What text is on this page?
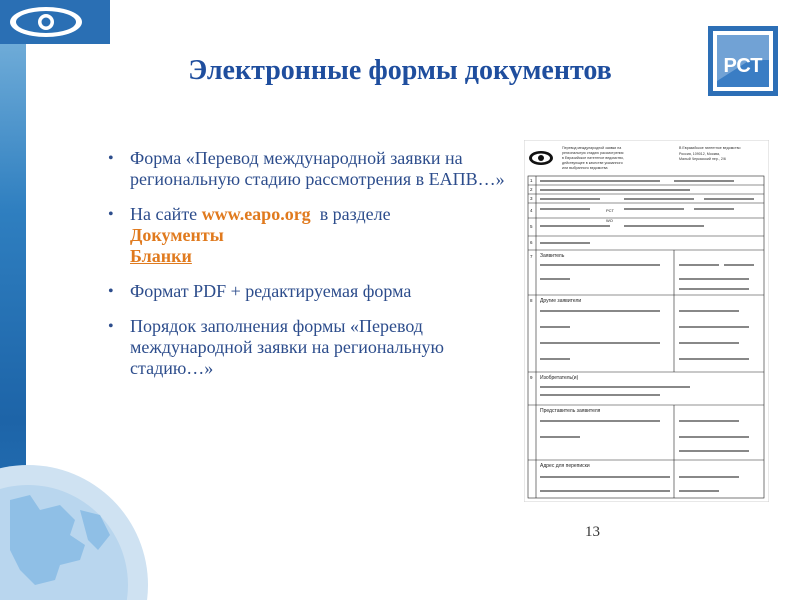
Электронные формы документов	РСТ
• Форма «Перевод международной заявки на региональную стадию рассмотрения в ЕАПВ…»
• На сайте www.eapo.org  в разделе
Документы
Бланки
• Формат PDF + редактируемая форма
• Порядок заполнения формы «Перевод международной заявки на региональную стадию…»
Перевод международной заявки на региональную стадию рассмотрения в Евразийское патентное ведомство, действующее в качестве указанного или выбранного ведомства
В Евразийское патентное ведомство Россия, 109012, Москва, Малый Черкасский пер., 2/6
1
2
3
4
5
6
7
8
9
Заявитель
Другие заявители
Изобретатель(и)
Представитель заявителя
Адрес для переписки
PCT
WO
13
